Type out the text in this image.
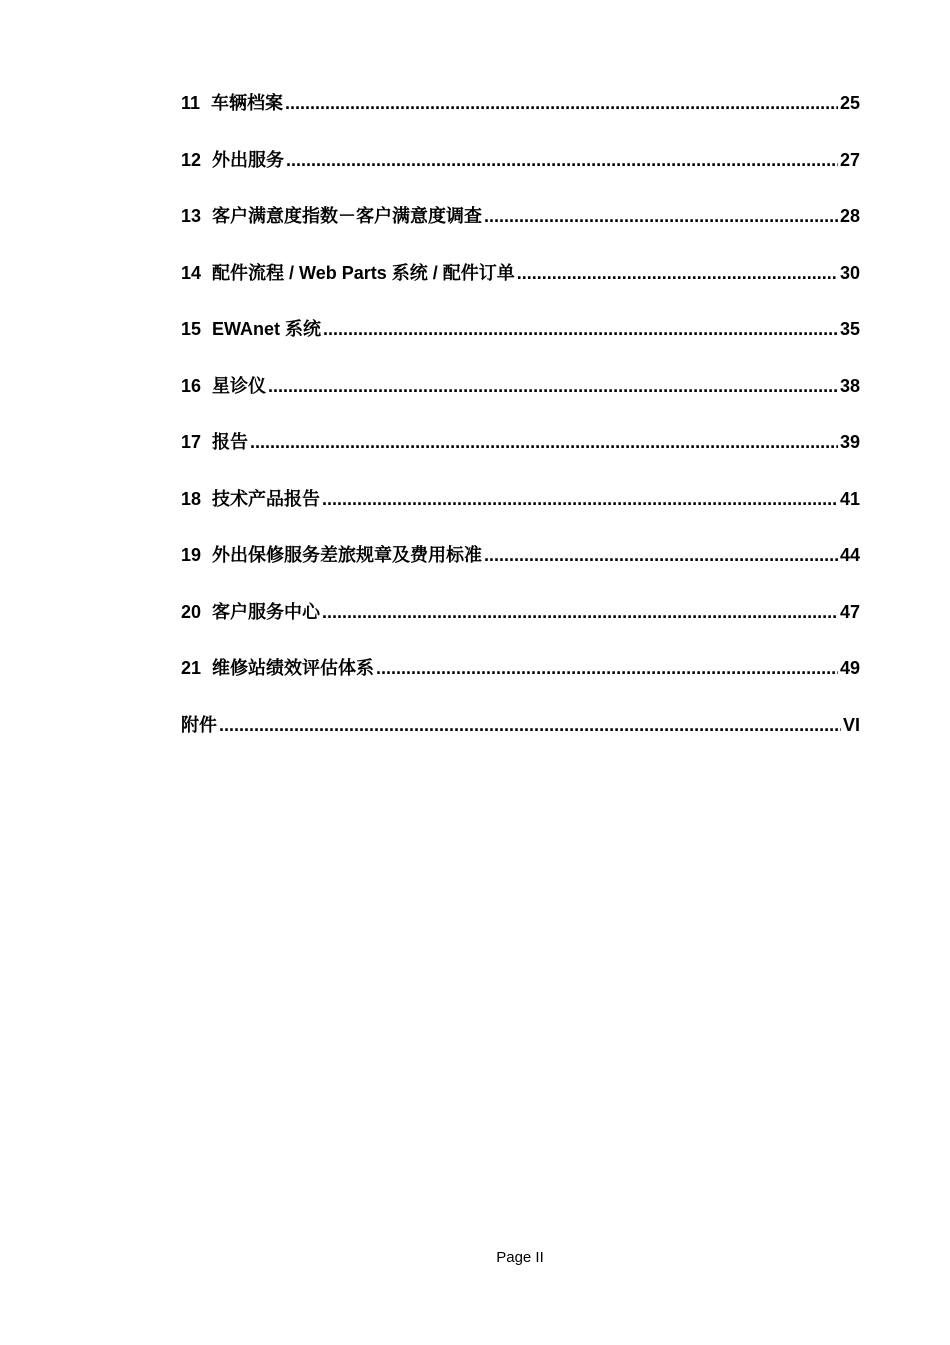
11 车辆档案 .....	25
12 外出服务 .....	27
13 客户满意度指数－客户满意度调查 .....	28
14 配件流程 / Web Parts 系统 / 配件订单 .....	30
15 EWAnet 系统 .....	35
16 星诊仪 .....	38
17 报告 .....	39
18 技术产品报告 .....	41
19 外出保修服务差旅规章及费用标准 .....	44
20 客户服务中心 .....	47
21 维修站绩效评估体系 .....	49
附件 .....	VI
Page II
